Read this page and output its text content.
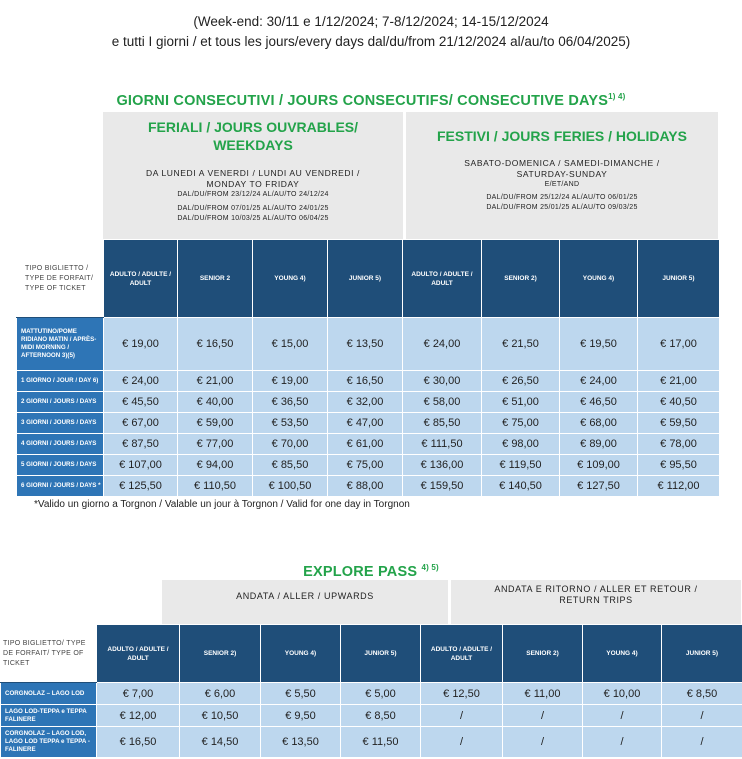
(Week-end: 30/11 e 1/12/2024; 7-8/12/2024; 14-15/12/2024
e tutti I giorni / et tous les jours/every days dal/du/from 21/12/2024 al/au/to 06/04/2025)
GIORNI CONSECUTIVI / JOURS CONSECUTIFS/ CONSECUTIVE $DAYS^{1) 4)}$
FERIALI / JOURS OUVRABLES/ WEEKDAYS
DA LUNEDI A VENERDI / LUNDI AU VENDREDI /
MONDAY TO FRIDAY
DAL/DU/FROM 23/12/24 AL/AU/TO 24/12/24
DAL/DU/FROM 07/01/25 AL/AU/TO 24/01/25
DAL/DU/FROM 10/03/25 AL/AU/TO 06/04/25
FESTIVI / JOURS FERIES / HOLIDAYS
SABATO-DOMENICA / SAMEDI-DIMANCHE /
SATURDAY-SUNDAY
E/ET/AND
DAL/DU/FROM 25/12/24 AL/AU/TO 06/01/25
DAL/DU/FROM 25/01/25 AL/AU/TO 09/03/25
TIPO BIGLIETTO / TYPE DE FORFAIT/ TYPE OF TICKET	ADULTO / ADULTE / ADULT	SENIOR 2	YOUNG 4)	JUNIOR 5)	ADULTO / ADULTE / ADULT	SENIOR 2)	YOUNG 4)	JUNIOR 5)
MATTUTINO/POME RIDIANO MATIN / APRÈS-MIDI MORNING / AFTERNOON 3)(5)	€ 19,00	€ 16,50	€ 15,00	€ 13,50	€ 24,00	€ 21,50	€ 19,50	€ 17,00
1 GIORNO / JOUR / DAY 6)	€ 24,00	€ 21,00	€ 19,00	€ 16,50	€ 30,00	€ 26,50	€ 24,00	€ 21,00
2 GIORNI / JOURS / DAYS	€ 45,50	€ 40,00	€ 36,50	€ 32,00	€ 58,00	€ 51,00	€ 46,50	€ 40,50
3 GIORNI / JOURS / DAYS	€ 67,00	€ 59,00	€ 53,50	€ 47,00	€ 85,50	€ 75,00	€ 68,00	€ 59,50
4 GIORNI / JOURS / DAYS	€ 87,50	€ 77,00	€ 70,00	€ 61,00	€ 111,50	€ 98,00	€ 89,00	€ 78,00
5 GIORNI / JOURS / DAYS	€ 107,00	€ 94,00	€ 85,50	€ 75,00	€ 136,00	€ 119,50	€ 109,00	€ 95,50
6 GIORNI / JOURS / DAYS *	€ 125,50	€ 110,50	€ 100,50	€ 88,00	€ 159,50	€ 140,50	€ 127,50	€ 112,00
*Valido un giorno a Torgnon / Valable un jour à Torgnon / Valid for one day in Torgnon
EXPLORE PASS $^{4) 5)}$
ANDATA / ALLER / UPWARDS
ANDATA E RITORNO / ALLER ET RETOUR /
RETURN TRIPS
TIPO BIGLIETTO/ TYPE DE FORFAIT/ TYPE OF TICKET	ADULTO / ADULTE / ADULT	SENIOR 2)	YOUNG 4)	JUNIOR 5)	ADULTO / ADULTE / ADULT	SENIOR 2)	YOUNG 4)	JUNIOR 5)
CORGNOLAZ – LAGO LOD	€ 7,00	€ 6,00	€ 5,50	€ 5,00	€ 12,50	€ 11,00	€ 10,00	€ 8,50
LAGO LOD-TEPPA e TEPPA FALINERE	€ 12,00	€ 10,50	€ 9,50	€ 8,50	/	/	/	/
CORGNOLAZ – LAGO LOD, LAGO LOD TEPPA e TEPPA - FALINERE	€ 16,50	€ 14,50	€ 13,50	€ 11,50	/	/	/	/
